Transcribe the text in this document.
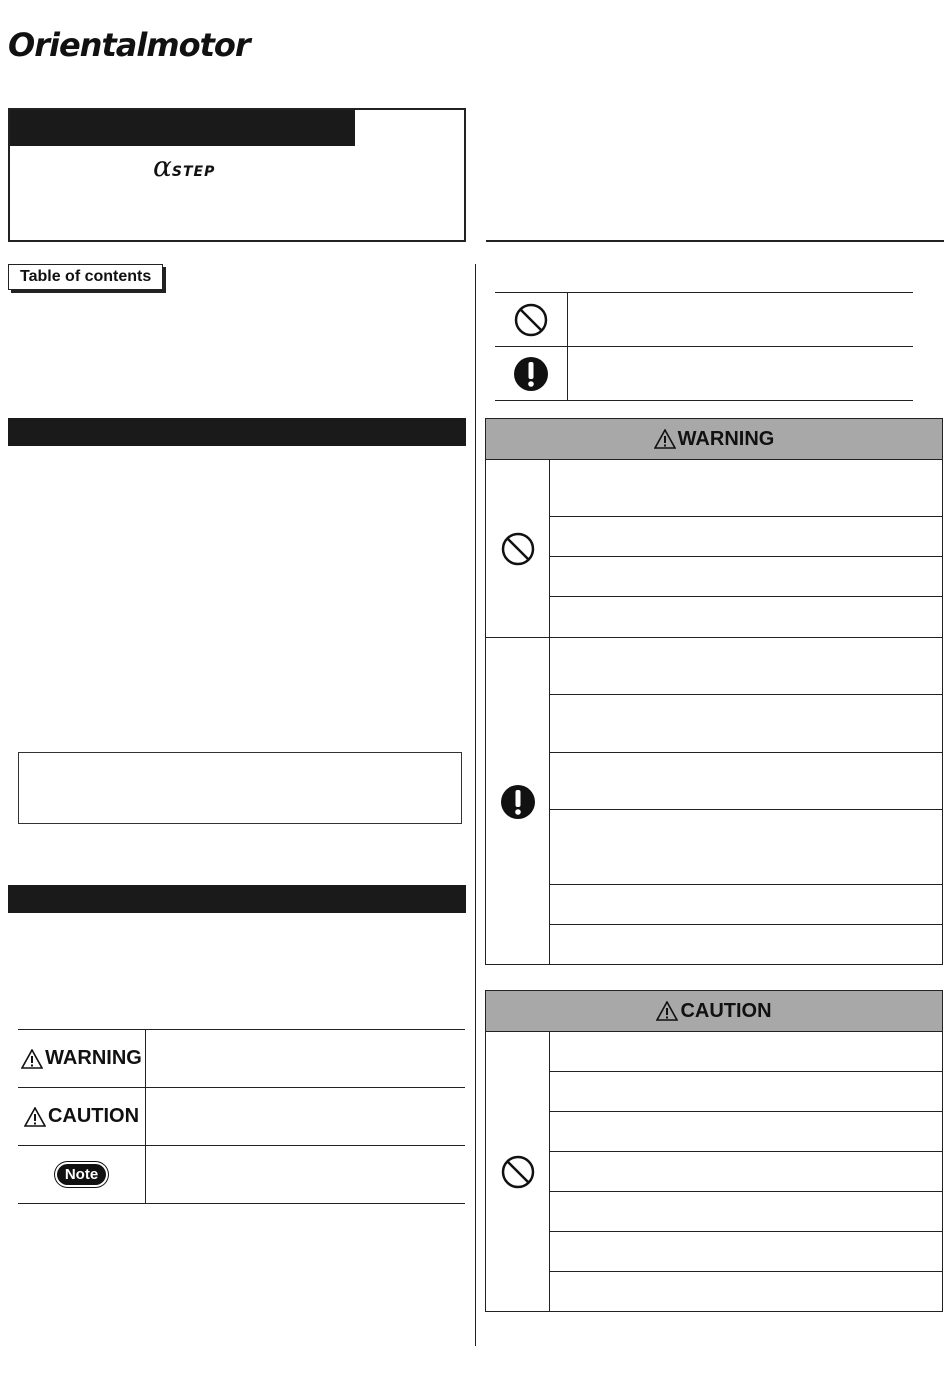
Orientalmotor
αSTEP
Table of contents
WARNING
CAUTION
Note
WARNING
CAUTION
